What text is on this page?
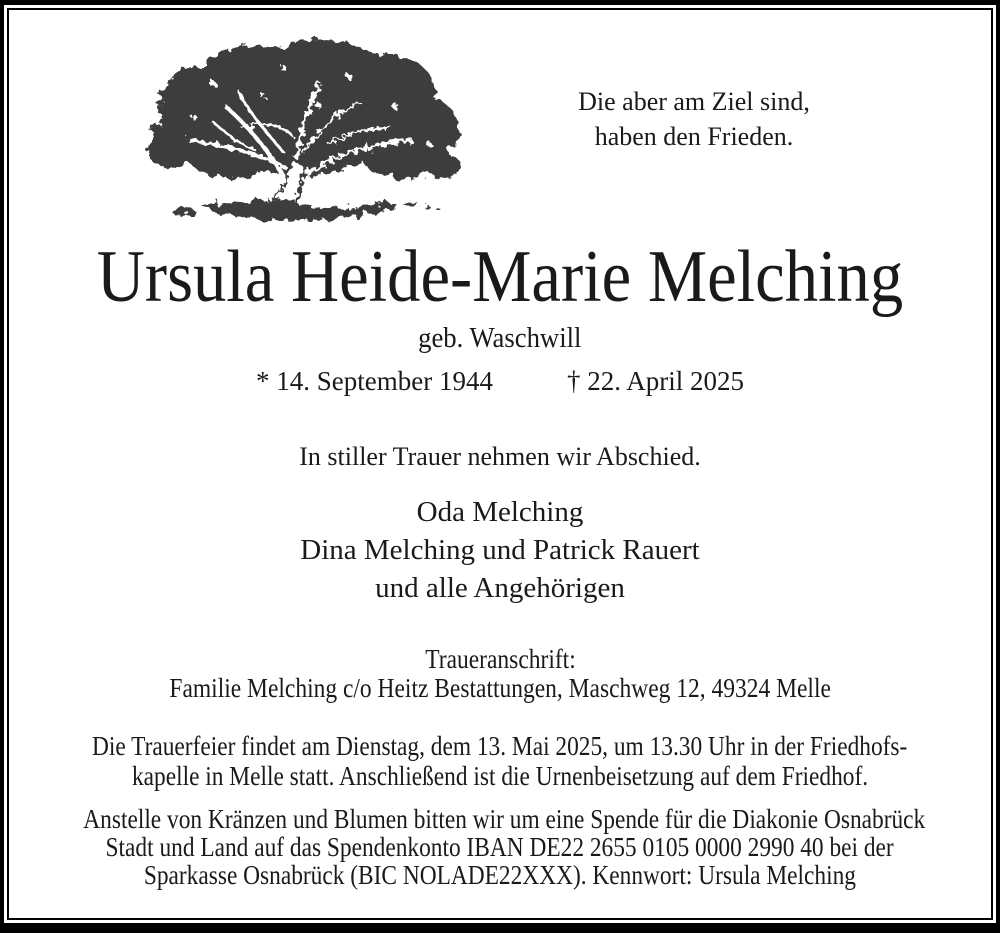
Die aber am Ziel sind,
haben den Frieden.
Ursula Heide-Marie Melching
geb. Waschwill
* 14. September 1944	† 22. April 2025
In stiller Trauer nehmen wir Abschied.
Oda Melching
Dina Melching und Patrick Rauert
und alle Angehörigen
Traueranschrift:
Familie Melching c/o Heitz Bestattungen, Maschweg 12, 49324 Melle
Die Trauerfeier findet am Dienstag, dem 13. Mai 2025, um 13.30 Uhr in der Friedhofs-
kapelle in Melle statt. Anschließend ist die Urnenbeisetzung auf dem Friedhof.
Anstelle von Kränzen und Blumen bitten wir um eine Spende für die Diakonie Osnabrück
Stadt und Land auf das Spendenkonto IBAN DE22 2655 0105 0000 2990 40 bei der
Sparkasse Osnabrück (BIC NOLADE22XXX). Kennwort: Ursula Melching
